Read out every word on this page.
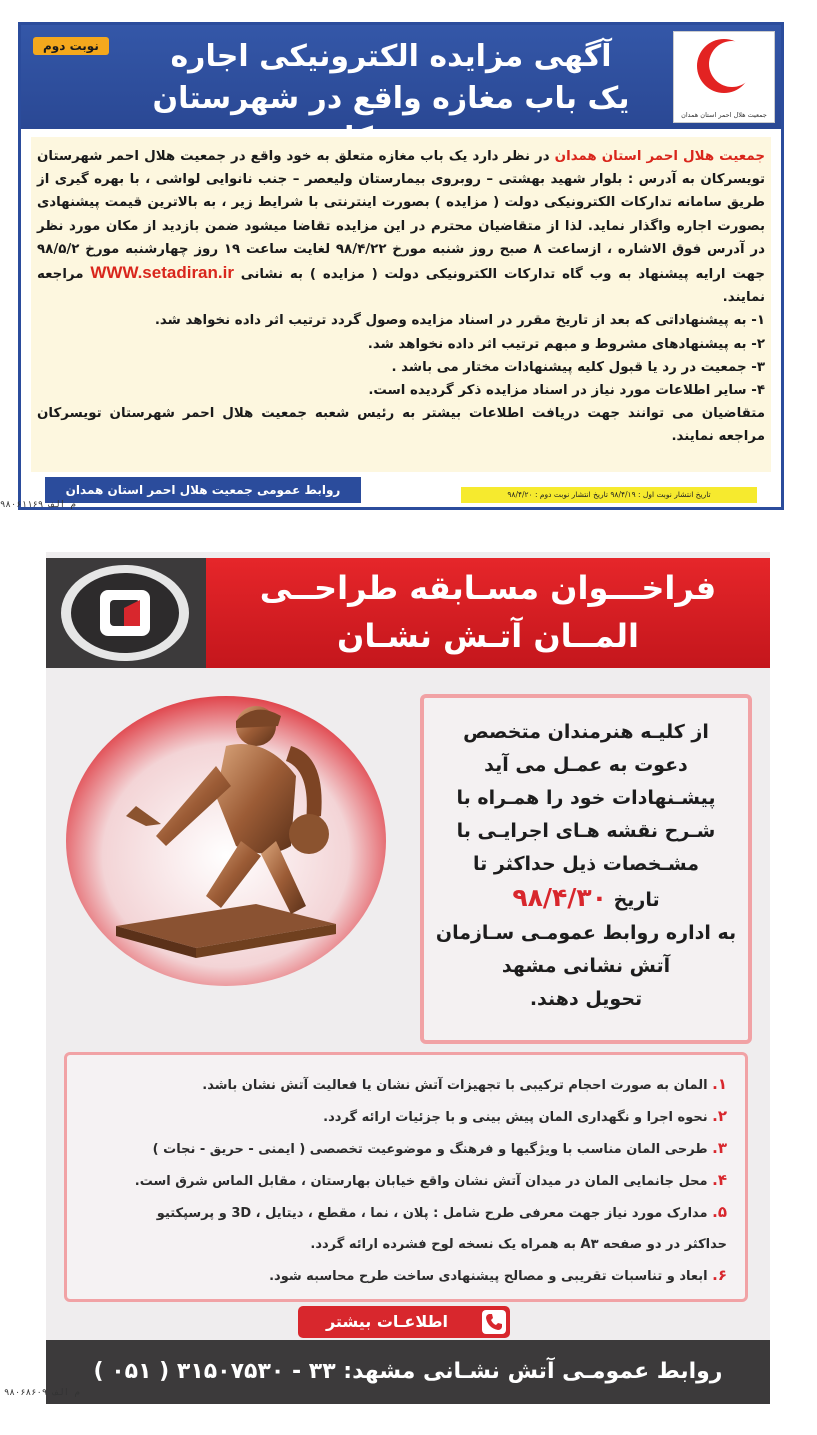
نوبت دوم	آگهی مزایده الکترونیکی اجاره
یک باب مغازه واقع در شهرستان	جمعیت هلال احمر استان همدان

جمعیت هلال احمر استان همدان در نظر دارد یک باب مغازه متعلق به خود واقع در جمعیت هلال احمر شهرستان تویسرکان به آدرس : بلوار شهید بهشتی – روبروی بیمارستان ولیعصر – جنب نانوایی لواشی ، با بهره گیری از طریق سامانه تدارکات الکترونیکی دولت ( مزایده ) بصورت اینترنتی با شرایط زیر ، به بالاترین قیمت پیشنهادی بصورت اجاره واگذار نماید. لذا از متقاضیان محترم در این مزایده تقاضا میشود ضمن بازدید از مکان مورد نظر در آدرس فوق الاشاره ، ازساعت ۸ صبح روز شنبه مورخ ۹۸/۴/۲۲ لغایت ساعت ۱۹ روز چهارشنبه مورخ ۹۸/۵/۲ جهت ارایه پیشنهاد به وب گاه تدارکات الکترونیکی دولت ( مزایده ) به نشانی WWW.setadiran.ir مراجعه نمایند.

۱- به پیشنهاداتی که بعد از تاریخ مقرر در اسناد مزایده وصول گردد ترتیب اثر داده نخواهد شد.

۲- به پیشنهادهای مشروط و مبهم ترتیب اثر داده نخواهد شد.

۳- جمعیت در رد یا قبول کلیه پیشنهادات مختار می باشد .

۴- سایر اطلاعات مورد نیاز در اسناد مزایده ذکر گردیده است.

متقاضیان می توانند جهت دریافت اطلاعات بیشتر به رئیس شعبه جمعیت هلال احمر شهرستان تویسرکان مراجعه نمایند.

روابط عمومی جمعیت هلال احمر استان همدان	تاریخ انتشار نوبت اول : ۹۸/۴/۱۹ تاریخ انتشار نوبت دوم : ۹۸/۴/۲۰
م الف ۹۸۰۶۱۱۶۹
فراخـــوان مسـابقه طراحــی
المــان آتـش نشـان
از کلیـه هنرمندان متخصص
دعوت به عمـل می آید
پیشـنهادات خود را همـراه با
شـرح نقشه هـای اجرایـی با
مشـخصات ذیل حداکثر تا
تاریخ ۹۸/۴/۳۰
به اداره روابط عمومـی سـازمان
آتش نشانی مشهد
تحویل دهند.
۱. المان به صورت احجام ترکیبی با تجهیزات آتش نشان یا فعالیت آتش نشان باشد.
۲. نحوه اجرا و نگهداری المان پیش بینی و با جزئیات ارائه گردد.
۳. طرحی المان مناسب با ویژگیها و فرهنگ و موضوعیت تخصصی ( ایمنی - حریق - نجات )
۴. محل جانمایی المان در میدان آتش نشان واقع خیابان بهارستان ، مقابل الماس شرق است.
۵. مدارک مورد نیاز جهت معرفی طرح شامل : پلان ، نما ، مقطع ، دیتایل ، 3D و پرسپکتیو
حداکثر در دو صفحه A۳ به همراه یک نسخه لوح فشرده ارائه گردد.
۶. ابعاد و تناسبات تقریبی و مصالح پیشنهادی ساخت طرح محاسبه شود.
اطلاعـات بیشتر
روابط عمومـی آتش نشـانی مشهد: ۳۳ - ۳۱۵۰۷۵۳۰ ( ۰۵۱ )
م الف ۹۸۰۶۸۶۰۹
